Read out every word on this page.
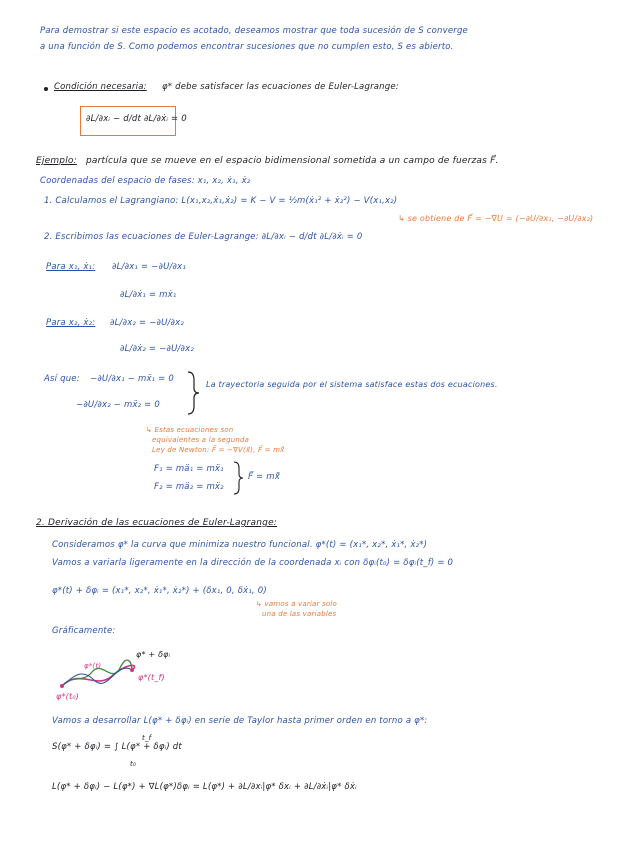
Para demostrar si este espacio es acotado, deseamos mostrar que toda sucesión de S converge
a una función de S. Como podemos encontrar sucesiones que no cumplen esto, S es abierto.
Condición necesaria: φ* debe satisfacer las ecuaciones de Euler-Lagrange:
∂L/∂xᵢ − d/dt ∂L/∂ẋᵢ = 0
Ejemplo: partícula que se mueve en el espacio bidimensional sometida a un campo de fuerzas F⃗.
Coordenadas del espacio de fases: x₁, x₂, ẋ₁, ẋ₂
1. Calculamos el Lagrangiano: L(x₁,x₂,ẋ₁,ẋ₂) = K − V = ½m(ẋ₁² + ẋ₂²) − V(x₁,x₂)
↳ se obtiene de F⃗ = −∇U = (−∂U/∂x₁, −∂U/∂x₂)
2. Escribimos las ecuaciones de Euler-Lagrange: ∂L/∂xᵢ − d/dt ∂L/∂ẋᵢ = 0
Para x₁, ẋ₁: ∂L/∂x₁ = −∂U/∂x₁
∂L/∂ẋ₁ = mẋ₁
Para x₂, ẋ₂: ∂L/∂x₂ = −∂U/∂x₂
∂L/∂ẋ₂ = −∂U/∂x₂
Así que: −∂U/∂x₁ − mẍ₁ = 0
−∂U/∂x₂ − mẍ₂ = 0
La trayectoria seguida por el sistema satisface estas dos ecuaciones.
↳ Estas ecuaciones son
equivalentes a la segunda
Ley de Newton: F⃗ = −∇V(x⃗), F⃗ = mẍ⃗
F₁ = mä₁ = mẍ₁
F₂ = mä₂ = mẍ₂
F⃗ = mẍ⃗
2. Derivación de las ecuaciones de Euler-Lagrange:
Consideramos φ* la curva que minimiza nuestro funcional. φ*(t) = (x₁*, x₂*, ẋ₁*, ẋ₂*)
Vamos a variarla ligeramente en la dirección de la coordenada xᵢ con δφᵢ(t₀) = δφᵢ(t_f) = 0
φ*(t) + δφᵢ = (x₁*, x₂*, ẋ₁*, ẋ₂*) + (δx₁, 0, δẋ₁, 0)
↳ vamos a variar solo
una de las variables
Gráficamente:
φ* + δφᵢ
φ*(t)
φ*(t_f)
φ*(t₀)
Vamos a desarrollar L(φ* + δφᵢ) en serie de Taylor hasta primer orden en torno a φ*:
S(φ* + δφᵢ) = ∫ L(φ* + δφᵢ) dt
t_f
t₀
L(φ* + δφᵢ) − L(φ*) + ∇L(φ*)δφᵢ = L(φ*) + ∂L/∂xᵢ|φ* δxᵢ + ∂L/∂ẋᵢ|φ* δẋᵢ
